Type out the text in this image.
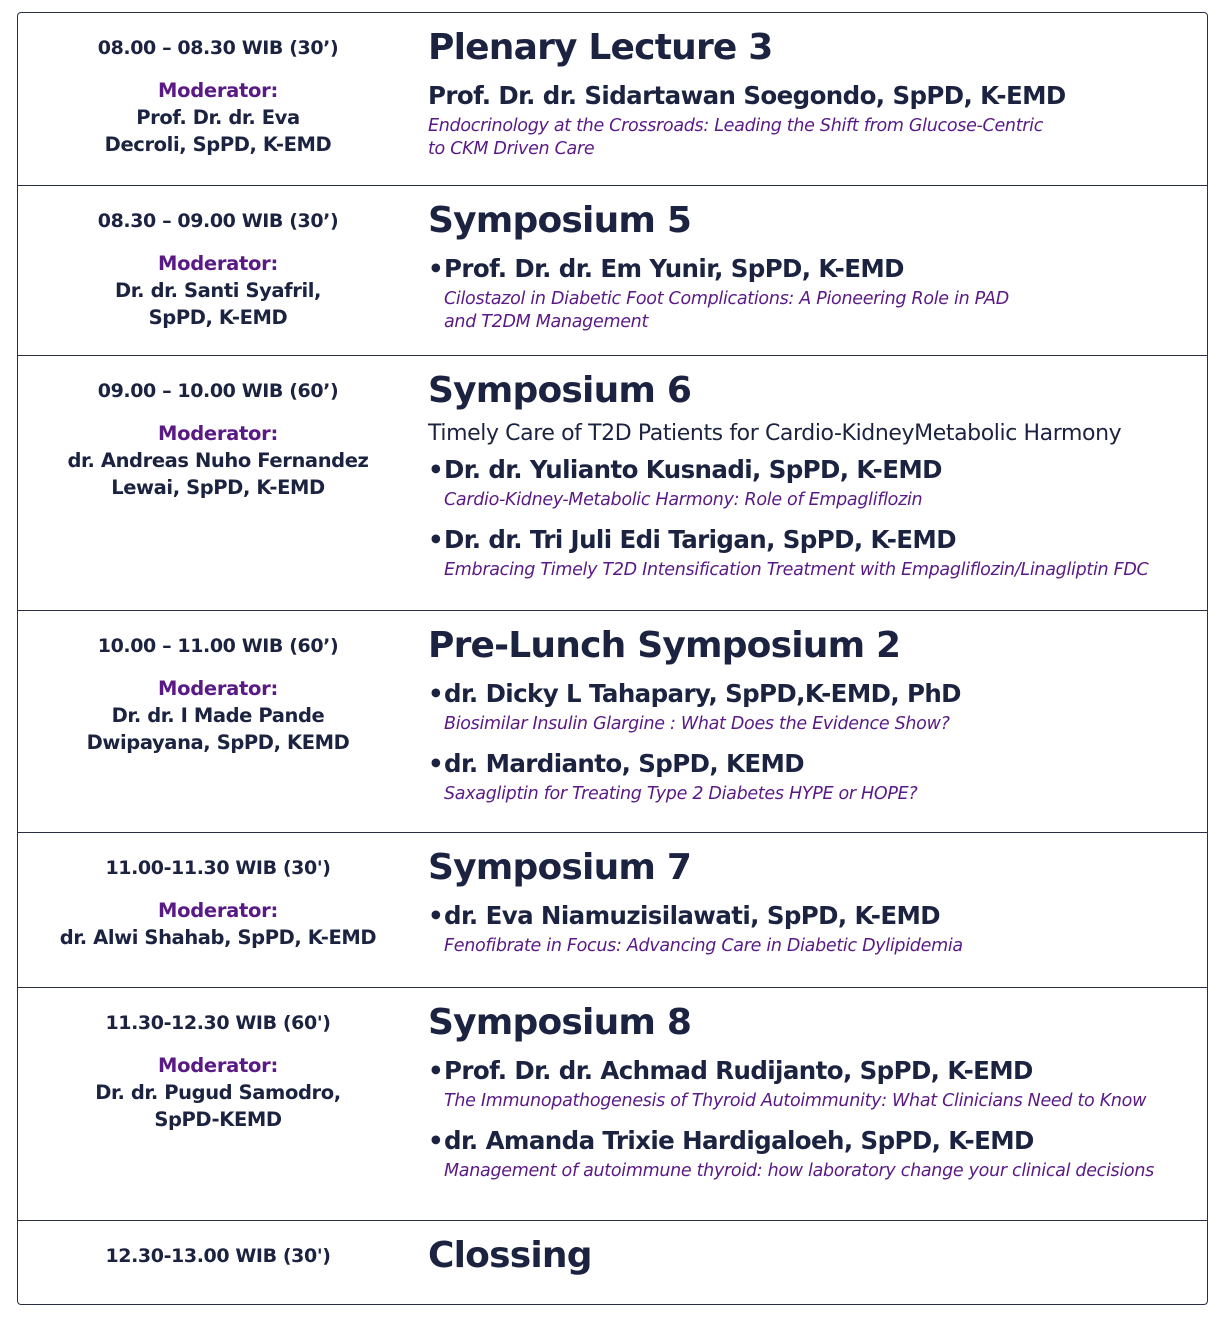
08.00 – 08.30 WIB (30’)
Moderator:
Prof. Dr. dr. Eva
Decroli, SpPD, K-EMD
Plenary Lecture 3
Prof. Dr. dr. Sidartawan Soegondo, SpPD, K-EMD
Endocrinology at the Crossroads: Leading the Shift from Glucose-Centric
to CKM Driven Care
08.30 – 09.00 WIB (30’)
Moderator:
Dr. dr. Santi Syafril,
SpPD, K-EMD
Symposium 5
•Prof. Dr. dr. Em Yunir, SpPD, K-EMD
Cilostazol in Diabetic Foot Complications: A Pioneering Role in PAD
and T2DM Management
09.00 – 10.00 WIB (60’)
Moderator:
dr. Andreas Nuho Fernandez
Lewai, SpPD, K-EMD
Symposium 6
Timely Care of T2D Patients for Cardio-KidneyMetabolic Harmony
•Dr. dr. Yulianto Kusnadi, SpPD, K-EMD
Cardio-Kidney-Metabolic Harmony: Role of Empagliflozin
•Dr. dr. Tri Juli Edi Tarigan, SpPD, K-EMD
Embracing Timely T2D Intensification Treatment with Empagliflozin/Linagliptin FDC
10.00 – 11.00 WIB (60’)
Moderator:
Dr. dr. I Made Pande
Dwipayana, SpPD, KEMD
Pre-Lunch Symposium 2
•dr. Dicky L Tahapary, SpPD,K-EMD, PhD
Biosimilar Insulin Glargine : What Does the Evidence Show?
•dr. Mardianto, SpPD, KEMD
Saxagliptin for Treating Type 2 Diabetes HYPE or HOPE?
11.00-11.30 WIB (30')
Moderator:
dr. Alwi Shahab, SpPD, K-EMD
Symposium 7
•dr. Eva Niamuzisilawati, SpPD, K-EMD
Fenofibrate in Focus: Advancing Care in Diabetic Dylipidemia
11.30-12.30 WIB (60')
Moderator:
Dr. dr. Pugud Samodro,
SpPD-KEMD
Symposium 8
•Prof. Dr. dr. Achmad Rudijanto, SpPD, K-EMD
The Immunopathogenesis of Thyroid Autoimmunity: What Clinicians Need to Know
•dr. Amanda Trixie Hardigaloeh, SpPD, K-EMD
Management of autoimmune thyroid: how laboratory change your clinical decisions
12.30-13.00 WIB (30')	Clossing
